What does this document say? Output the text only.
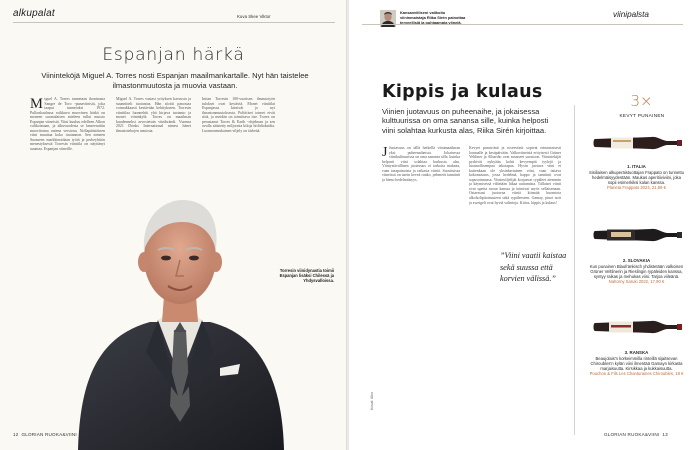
alkupalat	Kuva Skee Viktor
Espanjan härkä
Viininteköjä Miguel A. Torres nosti Espanjan maailmankartalle. Nyt hän taistelee ilmastonmuutosta ja muovia vastaan.
Miguel A. Torres tunnetaan ikoninasta Sangre de Toro -punaviinistä, joka taapui tunnetoksi 1972. Pullonkaulassa roikkuva muovinen härkä on moneen suomalaisen mieleen tullut muisto Espanjan viineistä. Viini kuuluu edelleen Alkon valikoimaan, ja alkuvuodesta se lanseerattiin muovitonna uutena versiona. Nollapäästöinen viini muuttaa koko tuotannon. Sen nimeen Suomeen markkinoidaan työtä ja perheyhtiön menestyksestä Torresin viinitila on näyttänyt suuntaa. Espanjan viineille.
Miguel A. Torres vastasi yrityksen kasvusta ja suunnitteli tuotantoa. Hän aloitti panostaa voimakkaasti kestävään kehitykseen. Torresin viinitilaa luonnehtii yhä kirjava tuotanto ja monet viininkylä. Torres on maailman kuudenneksi arvostetuin viinibrändi. Vuonna 2021 Drinks International nimesi hänet ilmastotekojen ansiosta.
Intian Torresin 100-vuotisen ilmastotyön tulokset ovat kestäviä. Monet viinitilat Espanjassa kärsivät jo nyt ilmastonmuutoksesta. Poliittiset toimet eivät riitä, ja meidän on toimittava itse. Torres on perustanut Torres & Earth -ohjelman ja sen avulla säästetty miljoonia kiloja hiilidioksidia. Luonnonmukainen viljely on tärkeää.
Torresin viinidynastia toimii Espanjan lisäksi Chilessä ja Yhdysvalloissa.
12 GLORIAN RUOKA&VIINI
Kansanviiliseni valikoitu viininmaistaja Riika Sirén painottaa terveellisiä ja puhtaampia viinejä.
viinipalsta
Kippis ja kulaus
Viinien juotavuus on puheenaihe, ja jokaisessa kulttuurissa on oma sanansa sille, kuinka helposti viini solahtaa kurkusta alas, Riika Sirén kirjoittaa.
J Juotavuus on tällä hetkellä viinimaailman yksi puheenaiheista. Jokaisessa viinikulttuurissa on oma sanansa sille, kuinka helposti viini solahtaa kurkusta alas. Viiniystävällinen juotavuus ei tarkoita makeaa, vaan tasapainoista ja raikasta viiniä. Suosituissa viineissä on usein keveä runko, pehmeät tanniinit ja hieno hedelmäisyys.
Kevyet punaviinit ja roseeviinit sopivat erinomaisesti lounaalle ja kesäpäivään. Valkoviineistä erityisesti Grüner Veltliner ja Albariño ovat nousseet suosioon. Viinintekijät pyrkivät nykyään kohti kevyempiä tyylejä ja luonnollisempaa tekotapaa. Hyvin juotava viini ei kuitenkaan ole yksinkertainen viini, vaan taitava kokonaisuus, jossa hedelmä, happo ja tanniinit ovat sopusoinnussa. Viininviljelijät korjaavat rypäleet aiemmin ja käymisessä vältetään liikaa uuttamista. Tällaiset viinit ovat upeita ruoan kanssa ja toimivat myös sellaisenaan. Ostaessasi juotavaa viiniä kiinnitä huomiota alkoholipitoisuuteen sekä rypäleeseen. Gamay, pinot noir ja zweigelt ovat hyviä valintoja. Kiitos, kippis ja kulaus!
”Viini vaatii kaistaa sekä suussa että korvien välissä.”
Kuvat: Alko
3×
KEVYT PUNAINEN
1. ITALIA
Sisiliaisen alkuperäistuottajan Frappato on tunnettu hedelmäisyydestään. Maukas aperitiiviviini, joka sopii esimerkiksi kalan kanssa.
Planeta Frappato 2024, 21,89 €
2. SLOVAKIA
Kun punainen Blaufränkisch yhdistetään valkoisen Grüner Veltlinerin ja Rieslingin rypäleiden kanssa, syntyy raikas ja mehukas viini. Tarjoa viileänä.
Nahorny Saruki 2022, 17,90 €
3. RANSKA
Beaujolais'n korkeimmilla rinteillä sijaitsevan Chiroubles'n kylän viini ilmentää Gamayn kirkasta marjaisuutta. Kirsikkaa ja kukkaisuutta.
Pouchon & Fils Les Chanturaines Chiroubles, 18 €
GLORIAN RUOKA&VIINI 13
